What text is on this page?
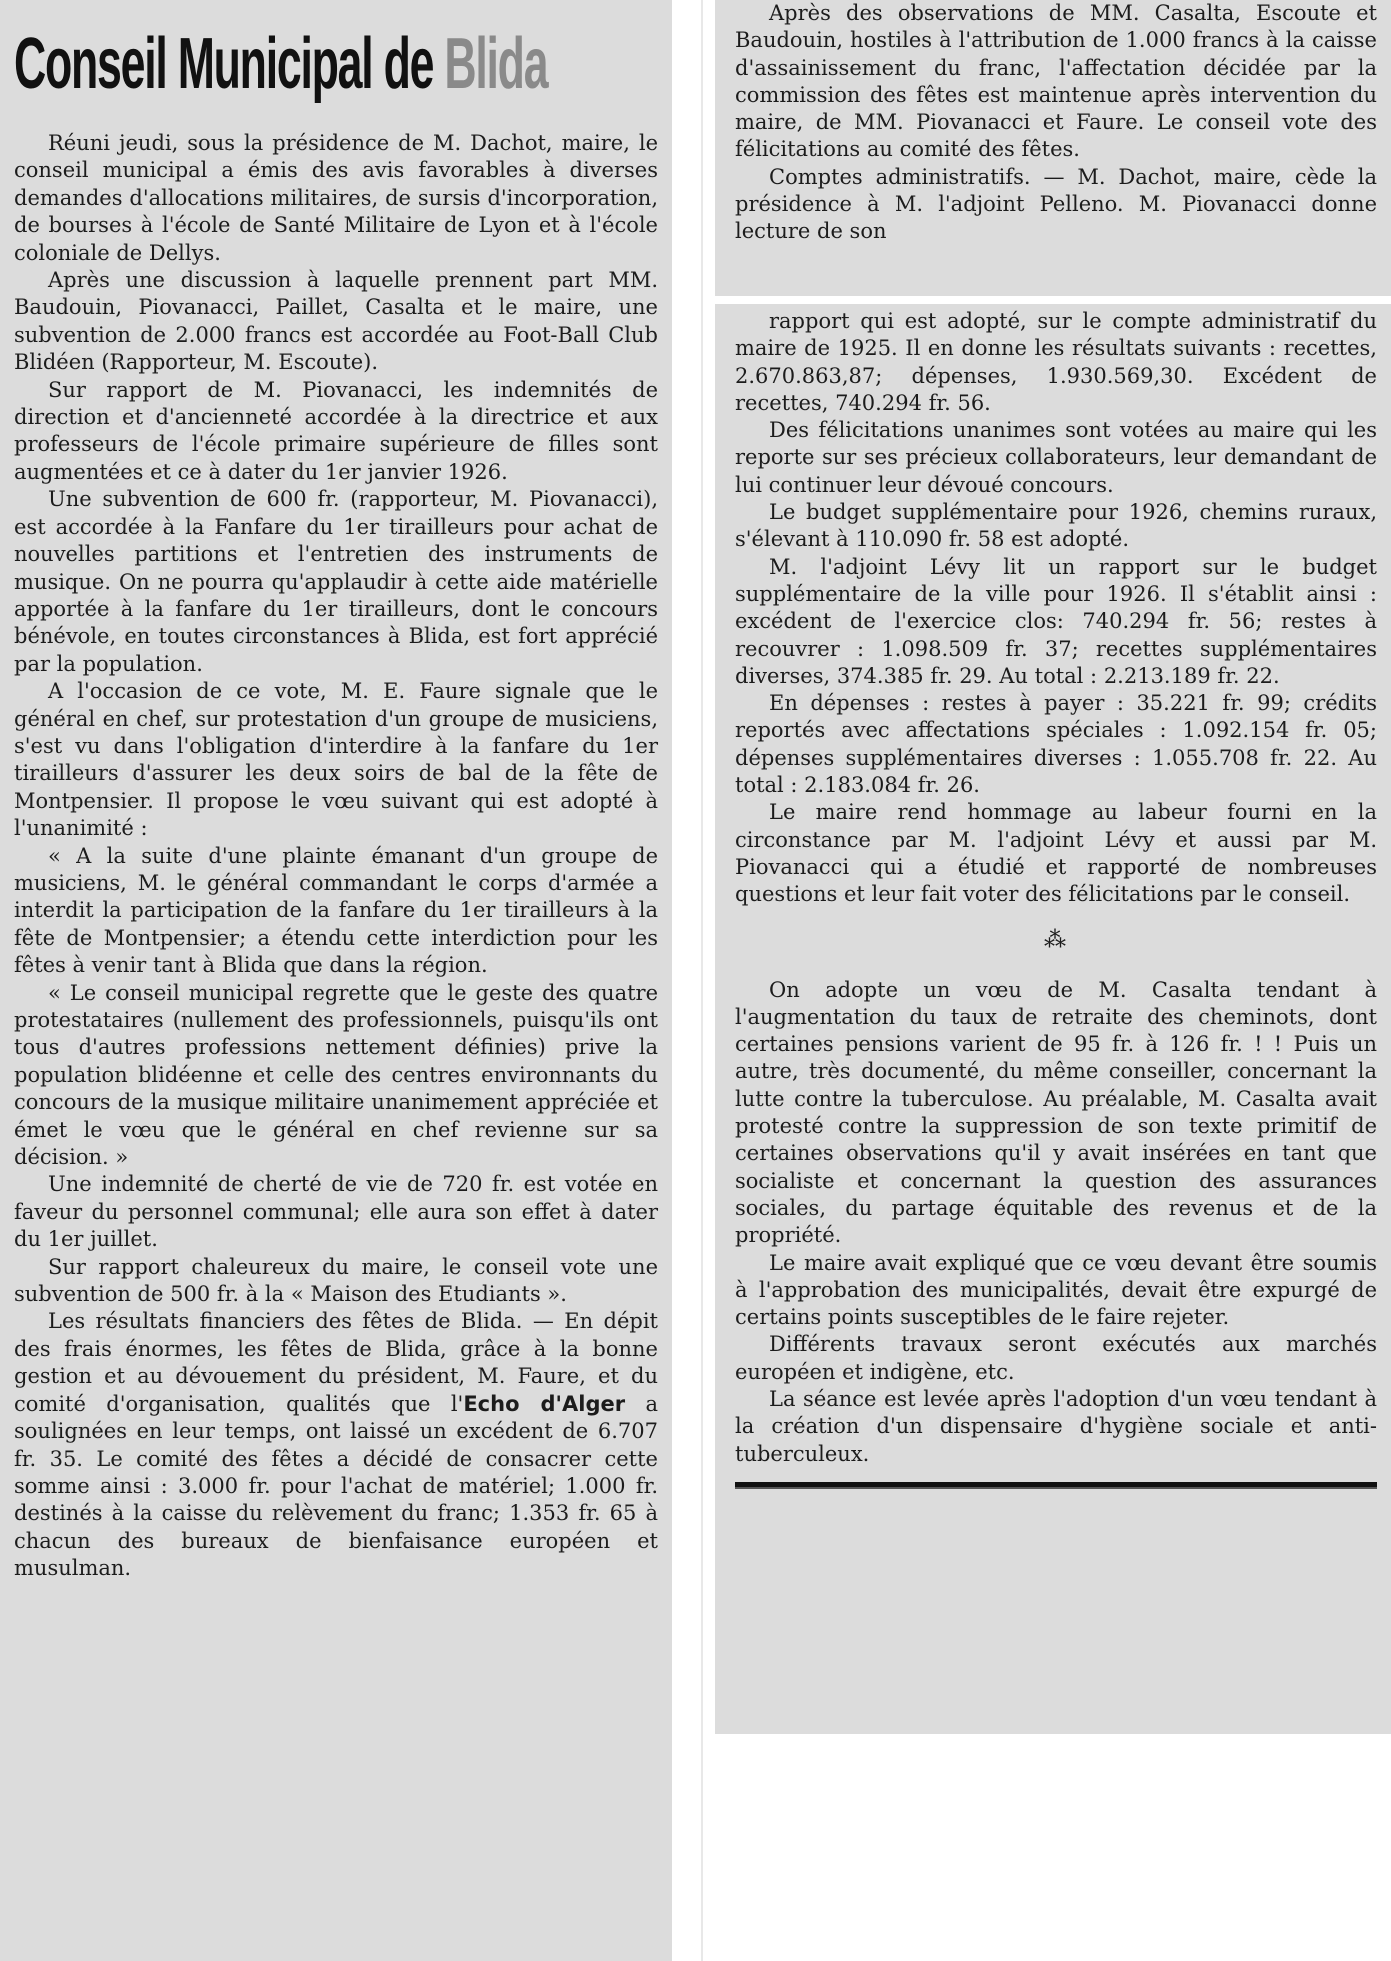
Conseil Municipal de Blida

Réuni jeudi, sous la présidence de M. Dachot, maire, le conseil municipal a émis des avis favorables à diverses demandes d'allocations militaires, de sursis d'incorporation, de bourses à l'école de Santé Militaire de Lyon et à l'école coloniale de Dellys.

Après une discussion à laquelle prennent part MM. Baudouin, Piovanacci, Paillet, Casalta et le maire, une subvention de 2.000 francs est accordée au Foot-Ball Club Blidéen (Rapporteur, M. Escoute).

Sur rapport de M. Piovanacci, les indemnités de direction et d'ancienneté accordée à la directrice et aux professeurs de l'école primaire supérieure de filles sont augmentées et ce à dater du 1er janvier 1926.

Une subvention de 600 fr. (rapporteur, M. Piovanacci), est accordée à la Fanfare du 1er tirailleurs pour achat de nouvelles partitions et l'entretien des instruments de musique. On ne pourra qu'applaudir à cette aide matérielle apportée à la fanfare du 1er tirailleurs, dont le concours bénévole, en toutes circonstances à Blida, est fort apprécié par la population.

A l'occasion de ce vote, M. E. Faure signale que le général en chef, sur protestation d'un groupe de musiciens, s'est vu dans l'obligation d'interdire à la fanfare du 1er tirailleurs d'assurer les deux soirs de bal de la fête de Montpensier. Il propose le vœu suivant qui est adopté à l'unanimité :

« A la suite d'une plainte émanant d'un groupe de musiciens, M. le général commandant le corps d'armée a interdit la participation de la fanfare du 1er tirailleurs à la fête de Montpensier; a étendu cette interdiction pour les fêtes à venir tant à Blida que dans la région.

« Le conseil municipal regrette que le geste des quatre protestataires (nullement des professionnels, puisqu'ils ont tous d'autres professions nettement définies) prive la population blidéenne et celle des centres environnants du concours de la musique militaire unanimement appréciée et émet le vœu que le général en chef revienne sur sa décision. »

Une indemnité de cherté de vie de 720 fr. est votée en faveur du personnel communal; elle aura son effet à dater du 1er juillet.

Sur rapport chaleureux du maire, le conseil vote une subvention de 500 fr. à la « Maison des Etudiants ».

Les résultats financiers des fêtes de Blida. — En dépit des frais énormes, les fêtes de Blida, grâce à la bonne gestion et au dévouement du président, M. Faure, et du comité d'organisation, qualités que l'Echo d'Alger a soulignées en leur temps, ont laissé un excédent de 6.707 fr. 35. Le comité des fêtes a décidé de consacrer cette somme ainsi : 3.000 fr. pour l'achat de matériel; 1.000 fr. destinés à la caisse du relèvement du franc; 1.353 fr. 65 à chacun des bureaux de bienfaisance européen et musulman.

Après des observations de MM. Casalta, Escoute et Baudouin, hostiles à l'attribution de 1.000 francs à la caisse d'assainissement du franc, l'affectation décidée par la commission des fêtes est maintenue après intervention du maire, de MM. Piovanacci et Faure. Le conseil vote des félicitations au comité des fêtes.

Comptes administratifs. — M. Dachot, maire, cède la présidence à M. l'adjoint Pelleno. M. Piovanacci donne lecture de son

rapport qui est adopté, sur le compte administratif du maire de 1925. Il en donne les résultats suivants : recettes, 2.670.863,87; dépenses, 1.930.569,30. Excédent de recettes, 740.294 fr. 56.

Des félicitations unanimes sont votées au maire qui les reporte sur ses précieux collaborateurs, leur demandant de lui continuer leur dévoué concours.

Le budget supplémentaire pour 1926, chemins ruraux, s'élevant à 110.090 fr. 58 est adopté.

M. l'adjoint Lévy lit un rapport sur le budget supplémentaire de la ville pour 1926. Il s'établit ainsi : excédent de l'exercice clos: 740.294 fr. 56; restes à recouvrer : 1.098.509 fr. 37; recettes supplémentaires diverses, 374.385 fr. 29. Au total : 2.213.189 fr. 22.

En dépenses : restes à payer : 35.221 fr. 99; crédits reportés avec affectations spéciales : 1.092.154 fr. 05; dépenses supplémentaires diverses : 1.055.708 fr. 22. Au total : 2.183.084 fr. 26.

Le maire rend hommage au labeur fourni en la circonstance par M. l'adjoint Lévy et aussi par M. Piovanacci qui a étudié et rapporté de nombreuses questions et leur fait voter des félicitations par le conseil.

⁂

On adopte un vœu de M. Casalta tendant à l'augmentation du taux de retraite des cheminots, dont certaines pensions varient de 95 fr. à 126 fr. ! ! Puis un autre, très documenté, du même conseiller, concernant la lutte contre la tuberculose. Au préalable, M. Casalta avait protesté contre la suppression de son texte primitif de certaines observations qu'il y avait insérées en tant que socialiste et concernant la question des assurances sociales, du partage équitable des revenus et de la propriété.

Le maire avait expliqué que ce vœu devant être soumis à l'approbation des municipalités, devait être expurgé de certains points susceptibles de le faire rejeter.

Différents travaux seront exécutés aux marchés européen et indigène, etc.

La séance est levée après l'adoption d'un vœu tendant à la création d'un dispensaire d'hygiène sociale et anti-tuberculeux.
